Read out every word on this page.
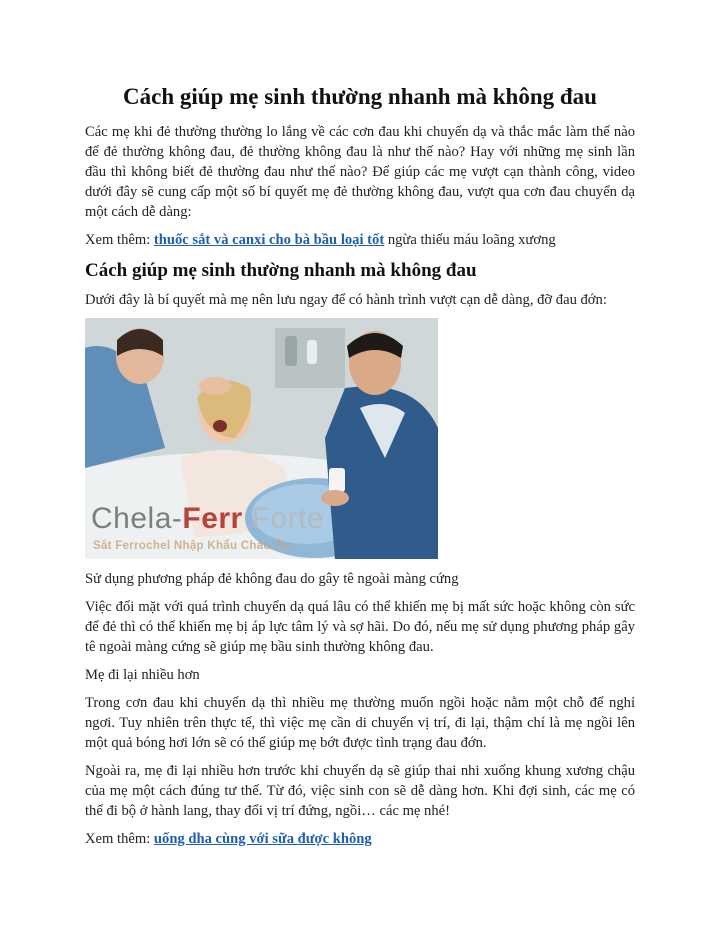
Cách giúp mẹ sinh thường nhanh mà không đau

Các mẹ khi đẻ thường thường lo lắng về các cơn đau khi chuyển dạ và thắc mắc làm thế nào để đẻ thường không đau, đẻ thường không đau là như thế nào? Hay với những mẹ sinh lần đầu thì không biết đẻ thường đau như thế nào? Để giúp các mẹ vượt cạn thành công, video dưới đây sẽ cung cấp một số bí quyết mẹ đẻ thường không đau, vượt qua cơn đau chuyển dạ một cách dễ dàng:

Xem thêm: thuốc sắt và canxi cho bà bầu loại tốt ngừa thiếu máu loãng xương

Cách giúp mẹ sinh thường nhanh mà không đau

Dưới đây là bí quyết mà mẹ nên lưu ngay để có hành trình vượt cạn dễ dàng, đỡ đau đớn:

Chela-Ferr Forte
Sắt Ferrochel Nhập Khẩu Châu Âu

Sử dụng phương pháp đẻ không đau do gây tê ngoài màng cứng

Việc đối mặt với quá trình chuyển dạ quá lâu có thể khiến mẹ bị mất sức hoặc không còn sức để đẻ thì có thể khiến mẹ bị áp lực tâm lý và sợ hãi. Do đó, nếu mẹ sử dụng phương pháp gây tê ngoài màng cứng sẽ giúp mẹ bầu sinh thường không đau.

Mẹ đi lại nhiều hơn

Trong cơn đau khi chuyển dạ thì nhiều mẹ thường muốn ngồi hoặc nằm một chỗ để nghỉ ngơi. Tuy nhiên trên thực tế, thì việc mẹ cần di chuyển vị trí, đi lại, thậm chí là mẹ ngồi lên một quả bóng hơi lớn sẽ có thể giúp mẹ bớt được tình trạng đau đớn.

Ngoài ra, mẹ đi lại nhiều hơn trước khi chuyển dạ sẽ giúp thai nhi xuống khung xương chậu của mẹ một cách đúng tư thế. Từ đó, việc sinh con sẽ dễ dàng hơn. Khi đợi sinh, các mẹ có thể đi bộ ở hành lang, thay đổi vị trí đứng, ngồi… các mẹ nhé!

Xem thêm: uống dha cùng với sữa được không
